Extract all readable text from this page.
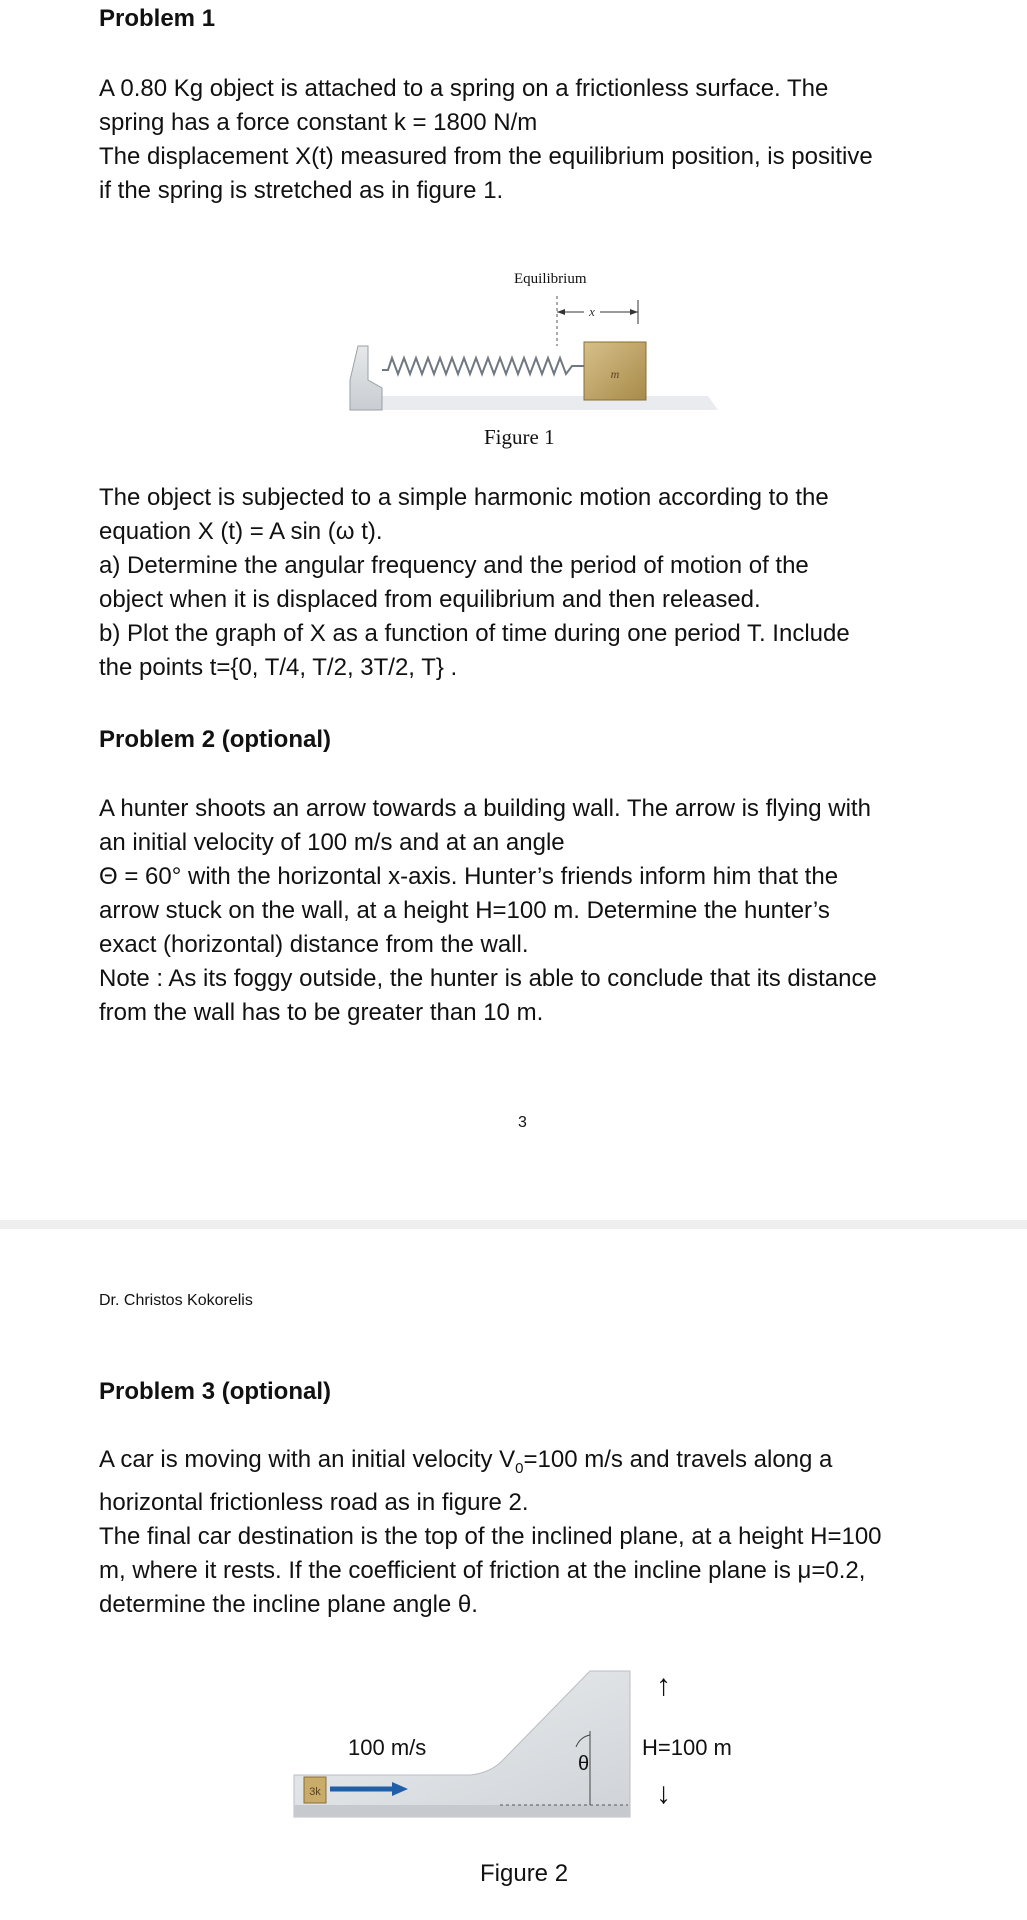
Problem 1
A 0.80 Kg object is attached to a spring on a frictionless surface. The
spring has a force constant k = 1800 N/m
The displacement X(t) measured from the equilibrium position, is positive
if the spring is stretched as in figure 1.
m
x
Equilibrium
Figure 1
The object is subjected to a simple harmonic motion according to the
equation X (t) = A sin (ω t).
a) Determine the angular frequency and the period of motion of the
object when it is displaced from equilibrium and then released.
b) Plot the graph of X as a function of time during one period T. Include
the points t={0, T/4, T/2, 3T/2, T} .
Problem 2 (optional)
A hunter shoots an arrow towards a building wall. The arrow is flying with
an initial velocity of 100 m/s and at an angle
Θ = 60° with the horizontal x-axis. Hunter’s friends inform him that the
arrow stuck on the wall, at a height H=100 m. Determine the hunter’s
exact (horizontal) distance from the wall.
Note : As its foggy outside, the hunter is able to conclude that its distance
from the wall has to be greater than 10 m.
3
Dr. Christos Kokorelis
Problem 3 (optional)
A car is moving with an initial velocity $V_0=100$ m/s and travels along a
horizontal frictionless road as in figure 2.
The final car destination is the top of the inclined plane, at a height H=100
m, where it rests. If the coefficient of friction at the incline plane is μ=0.2,
determine the incline plane angle θ.
3k
100 m/s
θ
↑
H=100 m
↓
Figure 2
